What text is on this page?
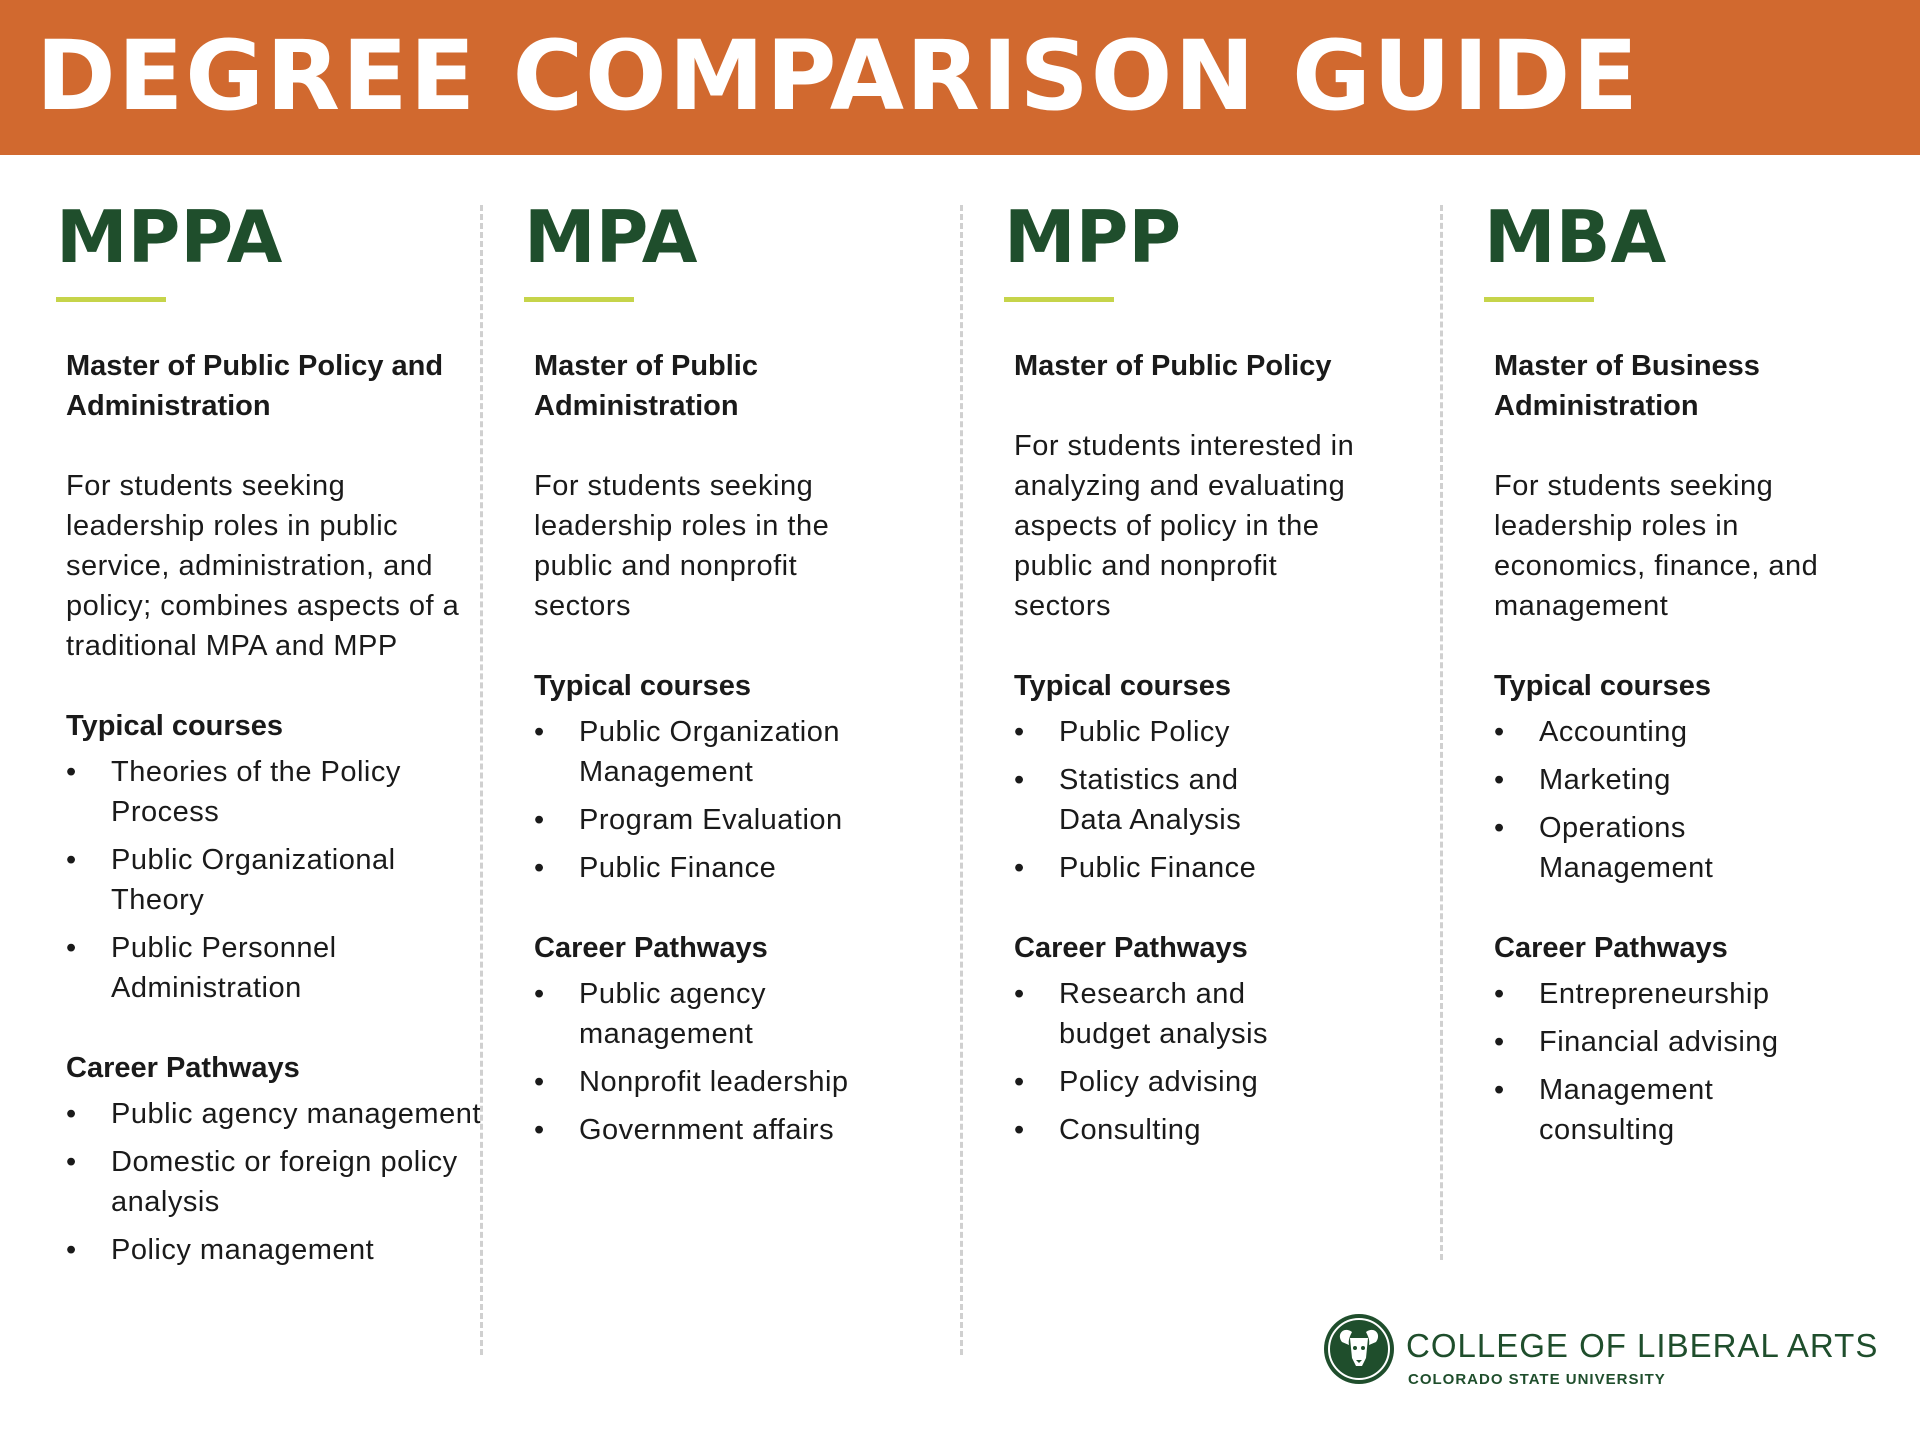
DEGREE COMPARISON GUIDE
MPPA
Master of Public Policy and Administration
For students seeking leadership roles in public service, administration, and policy; combines aspects of a traditional MPA and MPP
Typical courses
•	Theories of the Policy Process
•	Public Organizational Theory
•	Public Personnel Administration
Career Pathways
•	Public agency management
•	Domestic or foreign policy analysis
•	Policy management
MPA
Master of Public Administration
For students seeking leadership roles in the public and nonprofit sectors
Typical courses
•	Public Organization Management
•	Program Evaluation
•	Public Finance
Career Pathways
•	Public agency management
•	Nonprofit leadership
•	Government affairs
MPP
Master of Public Policy
For students interested in analyzing and evaluating aspects of policy in the public and nonprofit sectors
Typical courses
•	Public Policy
•	Statistics and Data Analysis
•	Public Finance
Career Pathways
•	Research and budget analysis
•	Policy advising
•	Consulting
MBA
Master of Business Administration
For students seeking leadership roles in economics, finance, and management
Typical courses
•	Accounting
•	Marketing
•	Operations Management
Career Pathways
•	Entrepreneurship
•	Financial advising
•	Management consulting
COLLEGE OF LIBERAL ARTS
COLORADO STATE UNIVERSITY
